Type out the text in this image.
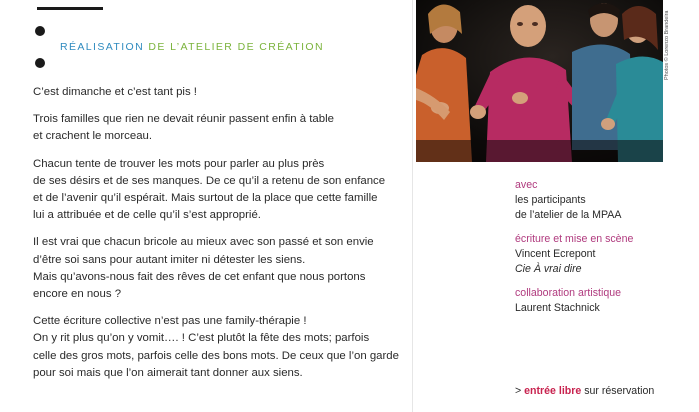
RÉALISATION DE L’ATELIER DE CRÉATION

C’est dimanche et c’est tant pis !

Trois familles que rien ne devait réunir passent enfin à table
et crachent le morceau.

Chacun tente de trouver les mots pour parler au plus près
de ses désirs et de ses manques. De ce qu’il a retenu de son enfance
et de l’avenir qu’il espérait. Mais surtout de la place que cette famille
lui a attribuée et de celle qu’il s’est approprié.

Il est vrai que chacun bricole au mieux avec son passé et son envie
d’être soi sans pour autant imiter ni détester les siens.
Mais qu’avons-nous fait des rêves de cet enfant que nous portons
encore en nous ?

Cette écriture collective n’est pas une family-thérapie !
On y rit plus qu’on y vomit…. ! C’est plutôt la fête des mots; parfois
celle des gros mots, parfois celle des bons mots. De ceux que l’on garde
pour soi mais que l’on aimerait tant donner aux siens.

Photos © Lorenzo Brandeira
avec
les participants
de l’atelier de la MPAA
écriture et mise en scène
Vincent Ecrepont
Cie À vrai dire
collaboration artistique
Laurent Stachnick
> entrée libre sur réservation
